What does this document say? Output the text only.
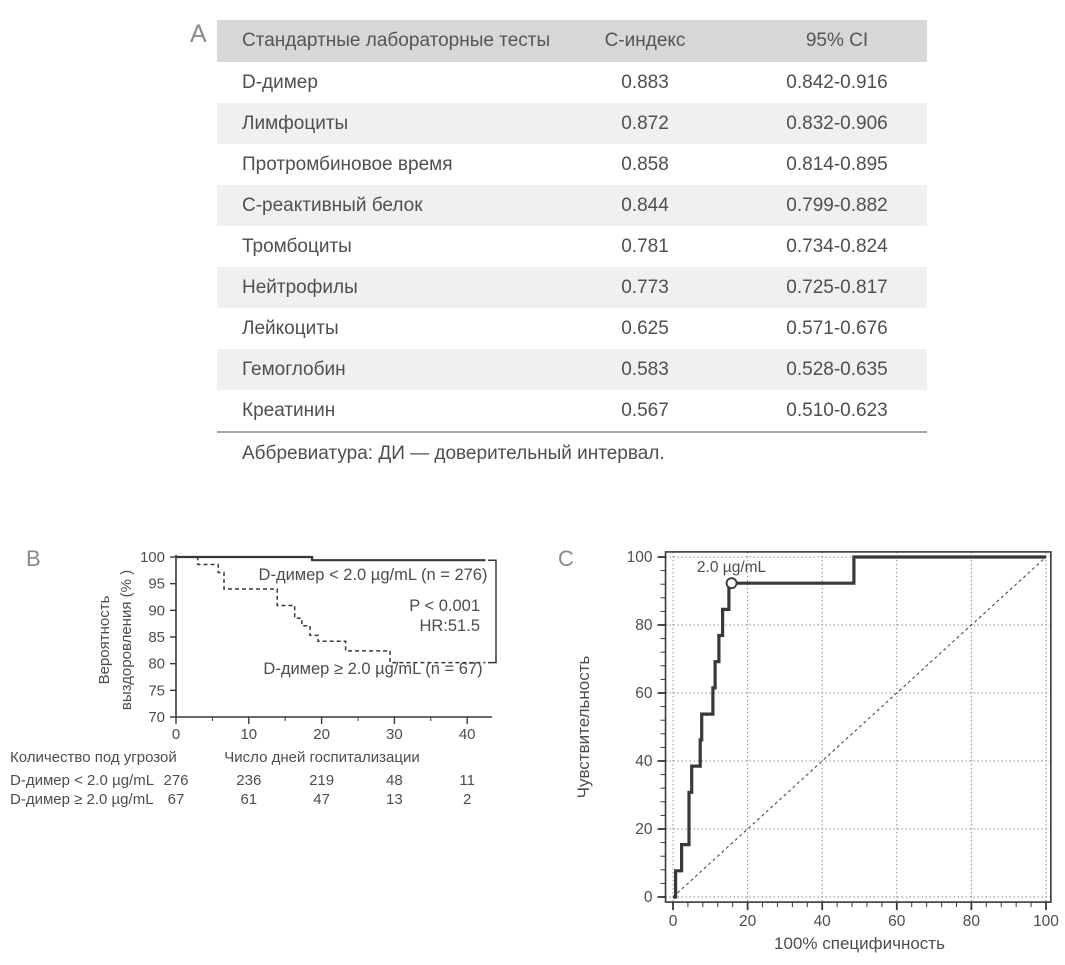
A	Стандартные лабораторные тесты	С-индекс	95% CI
D-димер	0.883	0.842-0.916
Лимфоциты	0.872	0.832-0.906
Протромбиновое время	0.858	0.814-0.895
С-реактивный белок	0.844	0.799-0.882
Тромбоциты	0.781	0.734-0.824
Нейтрофилы	0.773	0.725-0.817
Лейкоциты	0.625	0.571-0.676
Гемоглобин	0.583	0.528-0.635
Креатинин	0.567	0.510-0.623
Аббревиатура: ДИ — доверительный интервал.
B	100
95
90
85
80
75
70
0	10	20	30	40
Вероятность выздоровления (% )	D-димер < 2.0 µg/mL (n = 276)
D-димер ≥ 2.0 µg/mL (n = 67)
P < 0.001
HR:51.5
Количество под угрозой	Число дней госпитализации
D-димер < 2.0 µg/mL 276	236	219	48	11
D-димер ≥ 2.0 µg/mL 67	61	47	13	2
C
0	20	40	60	80	100
0
20
40
60
80
100
100% специфичность
Чувствительность
2.0 µg/mL
